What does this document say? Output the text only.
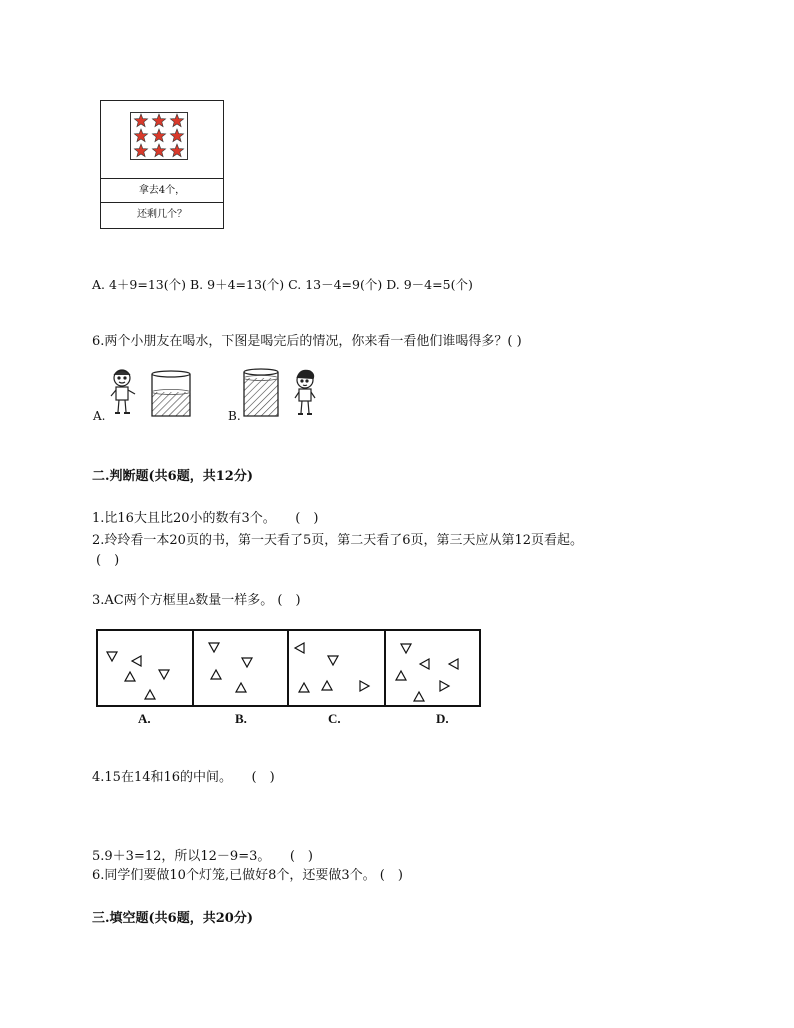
拿去4个，
还剩几个？
A. 4＋9=13(个) B. 9＋4=13(个) C. 13－4=9(个) D. 9－4=5(个)
6.两个小朋友在喝水，下图是喝完后的情况，你来看一看他们谁喝得多？( )
A.	B.
二.判断题(共6题，共12分)
1.比16大且比20小的数有3个。　　(　)
2.玲玲看一本20页的书，第一天看了5页，第二天看了6页，第三天应从第12页看起。
(　)
3.AC两个方框里▵数量一样多。 (　)
A.	B.	C.	D.
4.15在14和16的中间。　　(　)
5.9＋3=12，所以12－9=3。　　(　)
6.同学们要做10个灯笼,已做好8个，还要做3个。 (　)
三.填空题(共6题，共20分)
